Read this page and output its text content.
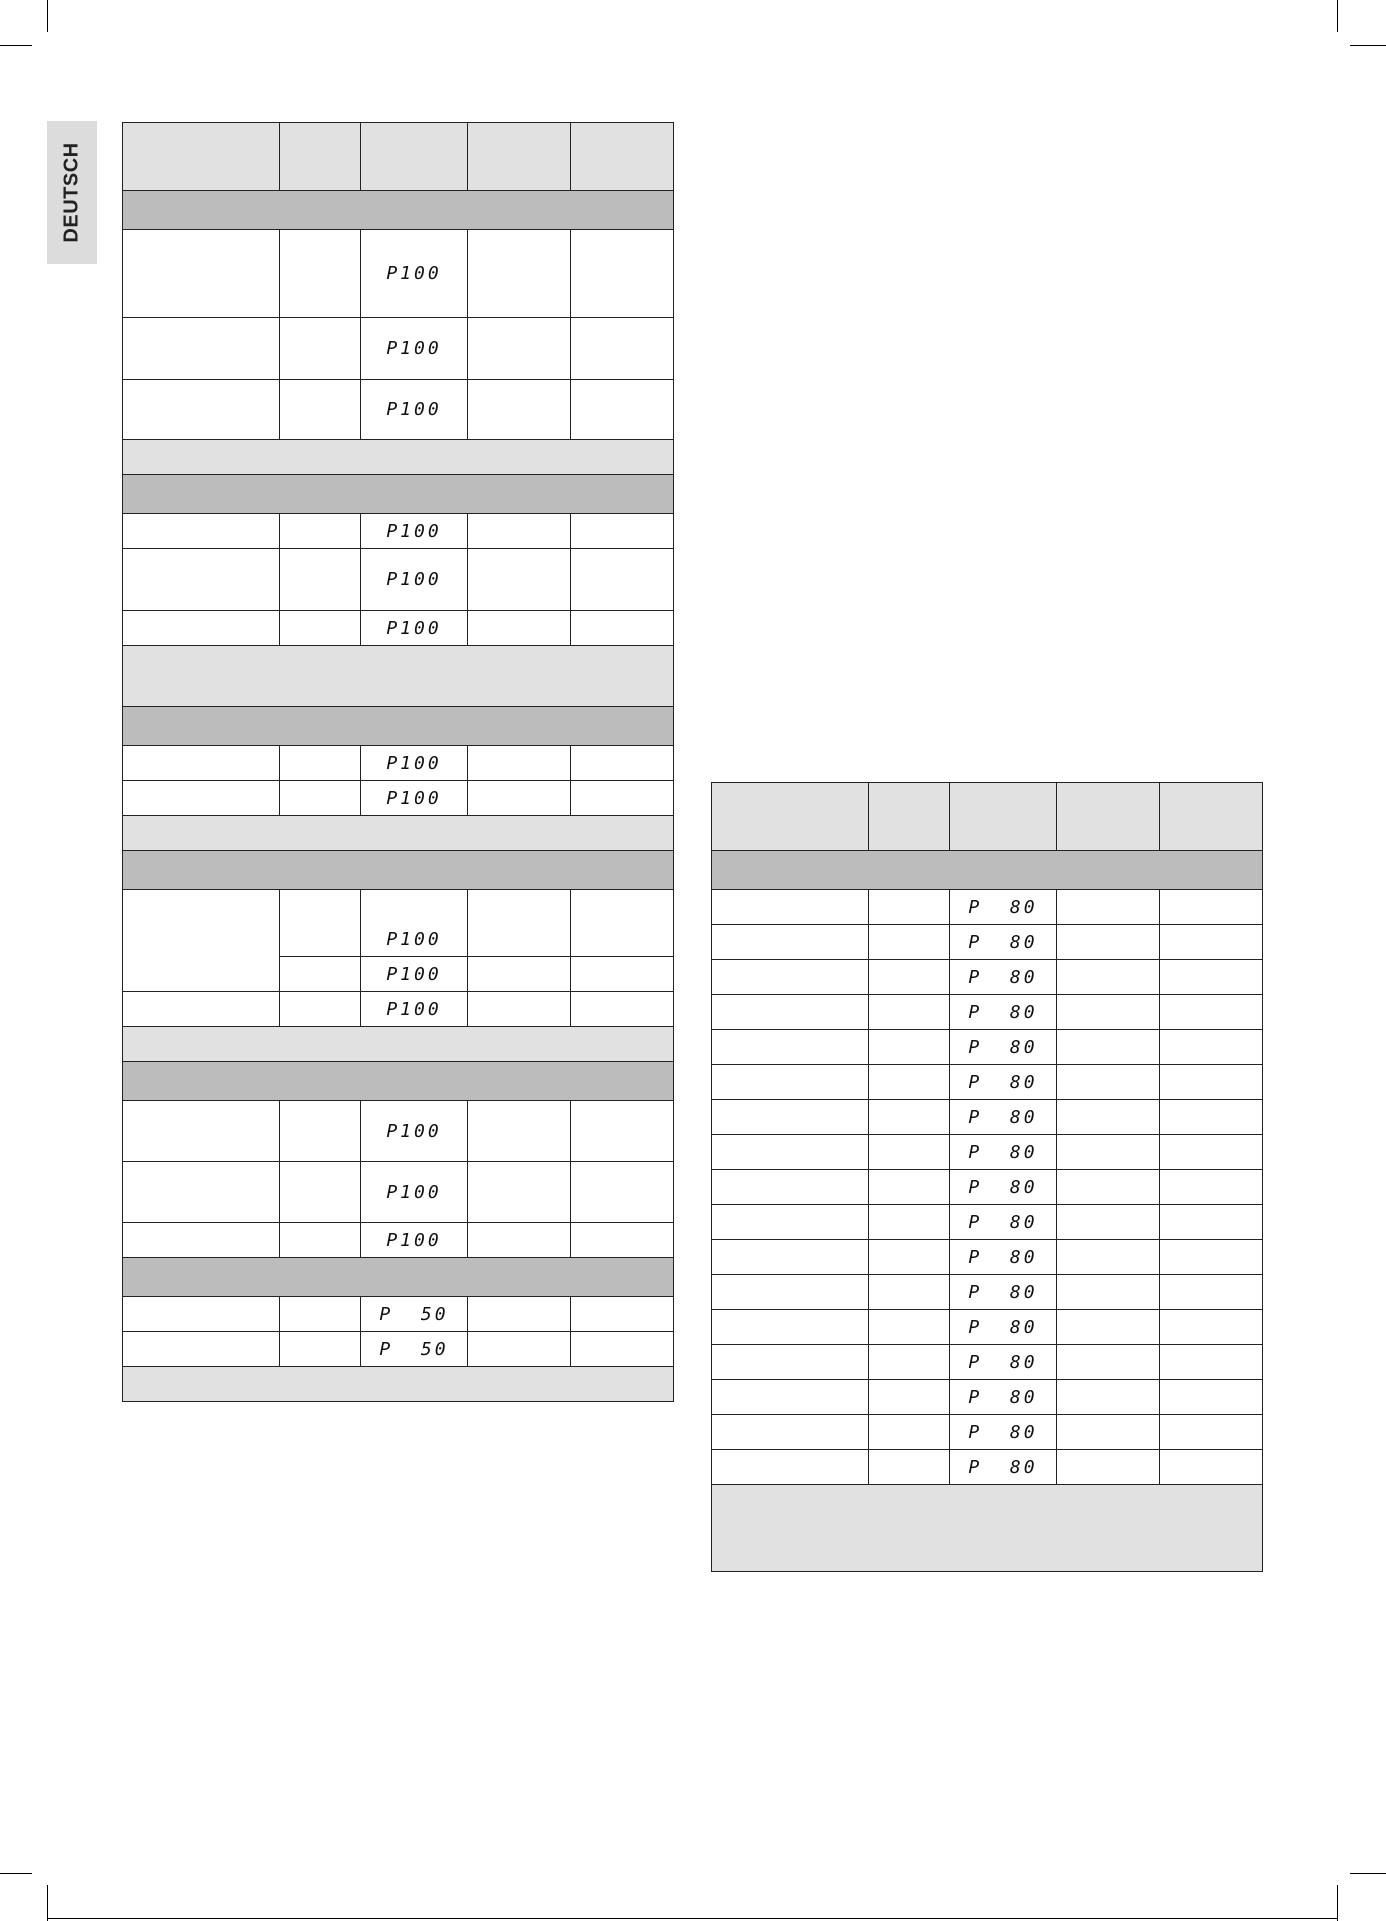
DEUTSCH

		P100		
		P100		
		P100		

		P100		
		P100		
		P100		

		P100		
		P100		

		P100		
		P100		
		P100		

		P100		
		P100		
		P100		

		P  50		
		P  50		

		P  80		
		P  80		
		P  80		
		P  80		
		P  80		
		P  80		
		P  80		
		P  80		
		P  80		
		P  80		
		P  80		
		P  80		
		P  80		
		P  80		
		P  80		
		P  80		
		P  80		
